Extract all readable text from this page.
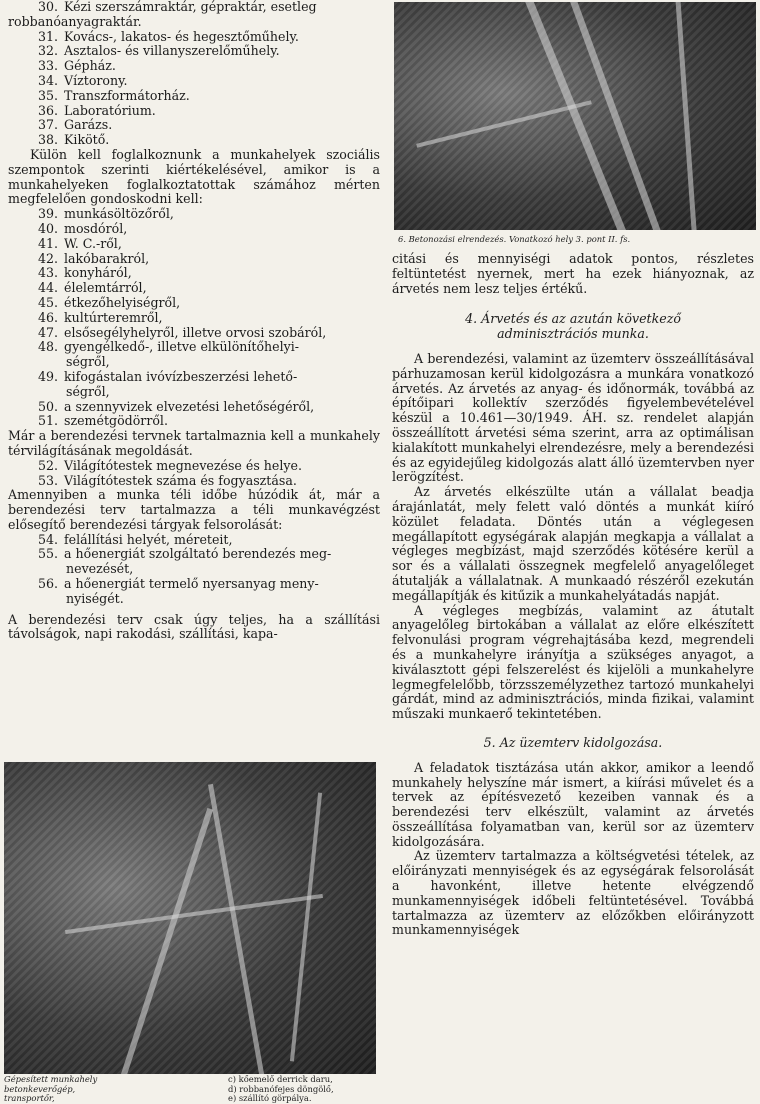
30. Kézi szerszámraktár, gépraktár, esetleg
robbanóanyagraktár.
31. Kovács-, lakatos- és hegesztőműhely.
32. Asztalos- és villanyszerelőműhely.
33. Gépház.
34. Víztorony.
35. Transzformátorház.
36. Laboratórium.
37. Garázs.
38. Kikötő.

Külön kell foglalkoznunk a munkahelyek szociális szempontok szerinti kiértékelésével, amikor is a munkahelyeken foglalkoztatottak számához mérten megfelelően gondoskodni kell:

39. munkásöltözőről,
40. mosdóról,
41. W. C.-ről,
42. lakóbarakról,
43. konyháról,
44. élelemtárról,
45. étkezőhelyiségről,
46. kultúrteremről,
47. elsősegélyhelyről, illetve orvosi szobáról,
48. gyengélkedő-, illetve elkülönítőhelyi-
ségről,
49. kifogástalan ivóvízbeszerzési lehető-
ségről,
50. a szennyvizek elvezetési lehetőségéről,
51. szemétgödörről.

Már a berendezési tervnek tartalmaznia kell a munkahely térvilágításának megoldását.

52. Világítótestek megnevezése és helye.
53. Világítótestek száma és fogyasztása.

Amennyiben a munka téli időbe húzódik át, már a berendezési terv tartalmazza a téli munkavégzést elősegítő berendezési tárgyak felsorolását:

54. felállítási helyét, méreteit,
55. a hőenergiát szolgáltató berendezés meg-
nevezését,
56. a hőenergiát termelő nyersanyag meny-
nyiségét.

A berendezési terv csak úgy teljes, ha a szállítási távolságok, napi rakodási, szállítási, kapa-

Gépesített munkahely
betonkeverőgép,
transportőr,
c) kőemelő derrick daru,
d) robbanófejes döngölő,
e) szállító görpálya.
6. Betonozási elrendezés. Vonatkozó hely 3. pont II. fs.

citási és mennyiségi adatok pontos, részletes feltüntetést nyernek, mert ha ezek hiányoznak, az árvetés nem lesz teljes értékű.

4. Árvetés és az azután következő
adminisztrációs munka.

A berendezési, valamint az üzemterv összeállításával párhuzamosan kerül kidolgozásra a munkára vonatkozó árvetés. Az árvetés az anyag- és időnormák, továbbá az építőipari kollektív szerződés figyelembevételével készül a 10.461—30/1949. ÁH. sz. rendelet alapján összeállított árvetési séma szerint, arra az optimálisan kialakított munkahelyi elrendezésre, mely a berendezési és az egyidejűleg kidolgozás alatt álló üzemtervben nyer lerögzítést.

Az árvetés elkészülte után a vállalat beadja árajánlatát, mely felett való döntés a munkát kiíró közület feladata. Döntés után a véglegesen megállapított egységárak alapján megkapja a vállalat a végleges megbízást, majd szerződés kötésére kerül a sor és a vállalati összegnek megfelelő anyagelőleget átutalják a vállalatnak. A munkaadó részéről ezekután megállapítják és kitűzik a munkahelyátadás napját.

A végleges megbízás, valamint az átutalt anyagelőleg birtokában a vállalat az előre elkészített felvonulási program végrehajtásába kezd, megrendeli és a munkahelyre irányítja a szükséges anyagot, a kiválasztott gépi felszerelést és kijelöli a munkahelyre legmegfelelőbb, törzsszemélyzethez tartozó munkahelyi gárdát, mind az adminisztrációs, minda fizikai, valamint műszaki munkaerő tekintetében.

5. Az üzemterv kidolgozása.

A feladatok tisztázása után akkor, amikor a leendő munkahely helyszíne már ismert, a kiírási művelet és a tervek az építésvezető kezeiben vannak és a berendezési terv elkészült, valamint az árvetés összeállítása folyamatban van, kerül sor az üzemterv kidolgozására.

Az üzemterv tartalmazza a költségvetési tételek, az előirányzati mennyiségek és az egységárak felsorolását a havonként, illetve hetente elvégzendő munkamennyiségek időbeli feltüntetésével. Továbbá tartalmazza az üzemterv az előzőkben előirányzott munkamennyiségek
